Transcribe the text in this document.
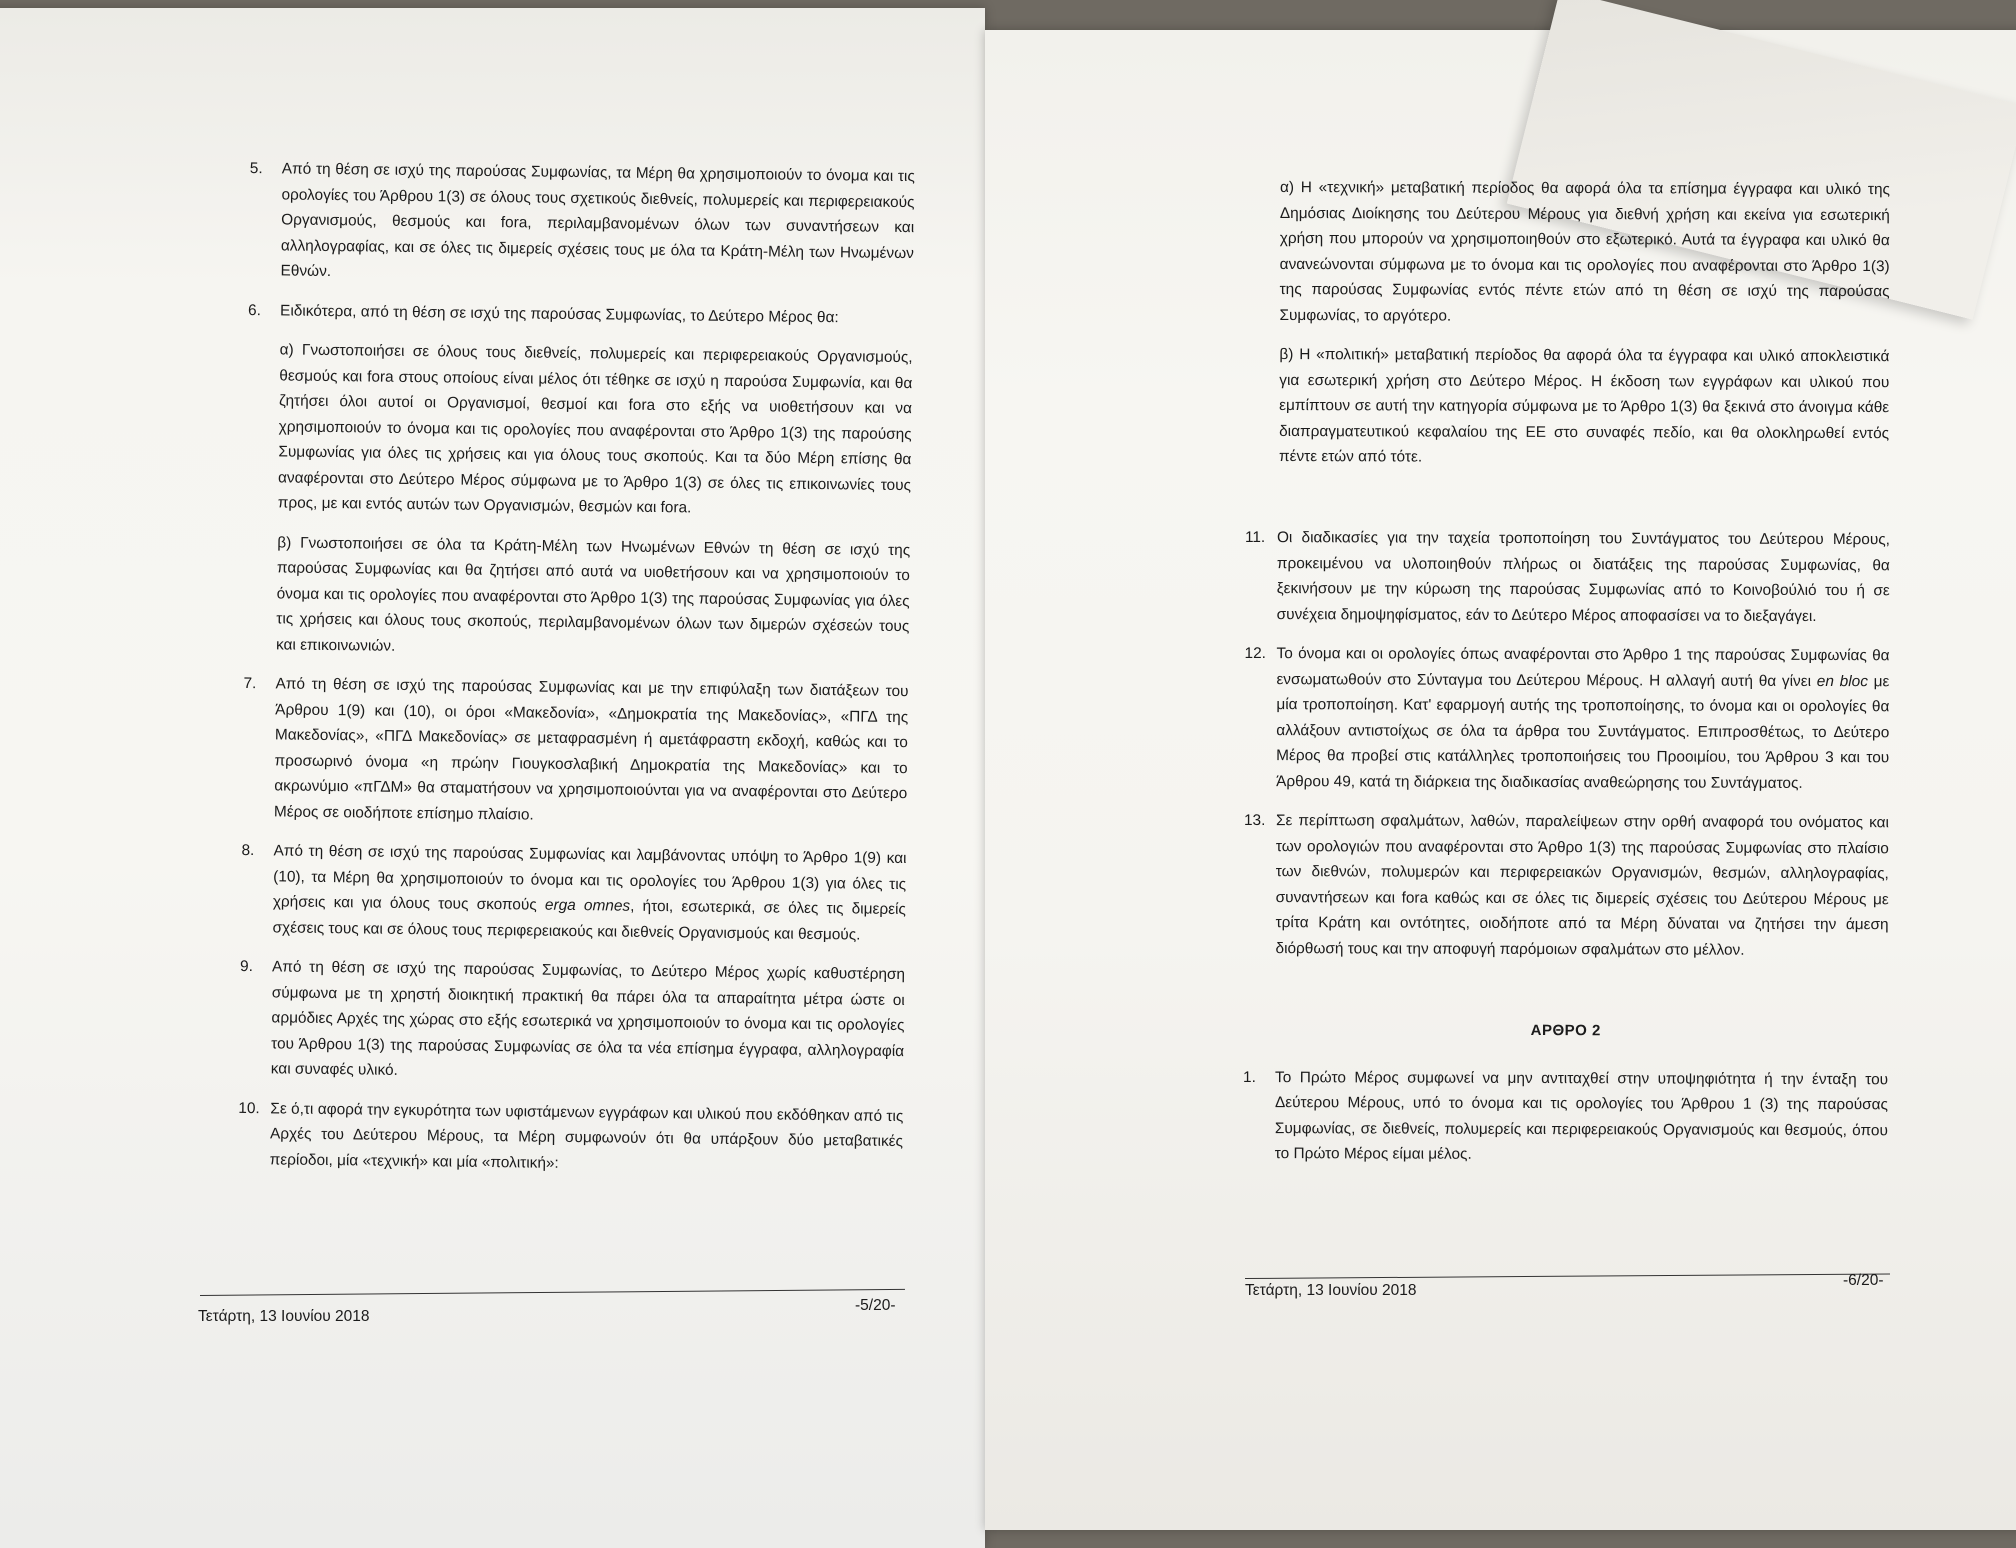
5. Από τη θέση σε ισχύ της παρούσας Συμφωνίας, τα Μέρη θα χρησιμοποιούν το όνομα και τις ορολογίες του Άρθρου 1(3) σε όλους τους σχετικούς διεθνείς, πολυμερείς και περιφερειακούς Οργανισμούς, θεσμούς και fora, περιλαμβανομένων όλων των συναντήσεων και αλληλογραφίας, και σε όλες τις διμερείς σχέσεις τους με όλα τα Κράτη-Μέλη των Ηνωμένων Εθνών.
6. Ειδικότερα, από τη θέση σε ισχύ της παρούσας Συμφωνίας, το Δεύτερο Μέρος θα:
α) Γνωστοποιήσει σε όλους τους διεθνείς, πολυμερείς και περιφερειακούς Οργανισμούς, θεσμούς και fora στους οποίους είναι μέλος ότι τέθηκε σε ισχύ η παρούσα Συμφωνία, και θα ζητήσει όλοι αυτοί οι Οργανισμοί, θεσμοί και fora στο εξής να υιοθετήσουν και να χρησιμοποιούν το όνομα και τις ορολογίες που αναφέρονται στο Άρθρο 1(3) της παρούσης Συμφωνίας για όλες τις χρήσεις και για όλους τους σκοπούς. Και τα δύο Μέρη επίσης θα αναφέρονται στο Δεύτερο Μέρος σύμφωνα με το Άρθρο 1(3) σε όλες τις επικοινωνίες τους προς, με και εντός αυτών των Οργανισμών, θεσμών και fora.
β) Γνωστοποιήσει σε όλα τα Κράτη-Μέλη των Ηνωμένων Εθνών τη θέση σε ισχύ της παρούσας Συμφωνίας και θα ζητήσει από αυτά να υιοθετήσουν και να χρησιμοποιούν το όνομα και τις ορολογίες που αναφέρονται στο Άρθρο 1(3) της παρούσας Συμφωνίας για όλες τις χρήσεις και όλους τους σκοπούς, περιλαμβανομένων όλων των διμερών σχέσεών τους και επικοινωνιών.
7. Από τη θέση σε ισχύ της παρούσας Συμφωνίας και με την επιφύλαξη των διατάξεων του Άρθρου 1(9) και (10), οι όροι «Μακεδονία», «Δημοκρατία της Μακεδονίας», «ΠΓΔ της Μακεδονίας», «ΠΓΔ Μακεδονίας» σε μεταφρασμένη ή αμετάφραστη εκδοχή, καθώς και το προσωρινό όνομα «η πρώην Γιουγκοσλαβική Δημοκρατία της Μακεδονίας» και το ακρωνύμιο «πΓΔΜ» θα σταματήσουν να χρησιμοποιούνται για να αναφέρονται στο Δεύτερο Μέρος σε οιοδήποτε επίσημο πλαίσιο.
8. Από τη θέση σε ισχύ της παρούσας Συμφωνίας και λαμβάνοντας υπόψη το Άρθρο 1(9) και (10), τα Μέρη θα χρησιμοποιούν το όνομα και τις ορολογίες του Άρθρου 1(3) για όλες τις χρήσεις και για όλους τους σκοπούς erga omnes, ήτοι, εσωτερικά, σε όλες τις διμερείς σχέσεις τους και σε όλους τους περιφερειακούς και διεθνείς Οργανισμούς και θεσμούς.
9. Από τη θέση σε ισχύ της παρούσας Συμφωνίας, το Δεύτερο Μέρος χωρίς καθυστέρηση σύμφωνα με τη χρηστή διοικητική πρακτική θα πάρει όλα τα απαραίτητα μέτρα ώστε οι αρμόδιες Αρχές της χώρας στο εξής εσωτερικά να χρησιμοποιούν το όνομα και τις ορολογίες του Άρθρου 1(3) της παρούσας Συμφωνίας σε όλα τα νέα επίσημα έγγραφα, αλληλογραφία και συναφές υλικό.
10. Σε ό,τι αφορά την εγκυρότητα των υφιστάμενων εγγράφων και υλικού που εκδόθηκαν από τις Αρχές του Δεύτερου Μέρους, τα Μέρη συμφωνούν ότι θα υπάρξουν δύο μεταβατικές περίοδοι, μία «τεχνική» και μία «πολιτική»:
Τετάρτη, 13 Ιουνίου 2018
-5/20-
α) Η «τεχνική» μεταβατική περίοδος θα αφορά όλα τα επίσημα έγγραφα και υλικό της Δημόσιας Διοίκησης του Δεύτερου Μέρους για διεθνή χρήση και εκείνα για εσωτερική χρήση που μπορούν να χρησιμοποιηθούν στο εξωτερικό. Αυτά τα έγγραφα και υλικό θα ανανεώνονται σύμφωνα με το όνομα και τις ορολογίες που αναφέρονται στο Άρθρο 1(3) της παρούσας Συμφωνίας εντός πέντε ετών από τη θέση σε ισχύ της παρούσας Συμφωνίας, το αργότερο.
β) Η «πολιτική» μεταβατική περίοδος θα αφορά όλα τα έγγραφα και υλικό αποκλειστικά για εσωτερική χρήση στο Δεύτερο Μέρος. Η έκδοση των εγγράφων και υλικού που εμπίπτουν σε αυτή την κατηγορία σύμφωνα με το Άρθρο 1(3) θα ξεκινά στο άνοιγμα κάθε διαπραγματευτικού κεφαλαίου της ΕΕ στο συναφές πεδίο, και θα ολοκληρωθεί εντός πέντε ετών από τότε.
11. Οι διαδικασίες για την ταχεία τροποποίηση του Συντάγματος του Δεύτερου Μέρους, προκειμένου να υλοποιηθούν πλήρως οι διατάξεις της παρούσας Συμφωνίας, θα ξεκινήσουν με την κύρωση της παρούσας Συμφωνίας από το Κοινοβούλιό του ή σε συνέχεια δημοψηφίσματος, εάν το Δεύτερο Μέρος αποφασίσει να το διεξαγάγει.
12. Το όνομα και οι ορολογίες όπως αναφέρονται στο Άρθρο 1 της παρούσας Συμφωνίας θα ενσωματωθούν στο Σύνταγμα του Δεύτερου Μέρους. Η αλλαγή αυτή θα γίνει en bloc με μία τροποποίηση. Κατ' εφαρμογή αυτής της τροποποίησης, το όνομα και οι ορολογίες θα αλλάξουν αντιστοίχως σε όλα τα άρθρα του Συντάγματος. Επιπροσθέτως, το Δεύτερο Μέρος θα προβεί στις κατάλληλες τροποποιήσεις του Προοιμίου, του Άρθρου 3 και του Άρθρου 49, κατά τη διάρκεια της διαδικασίας αναθεώρησης του Συντάγματος.
13. Σε περίπτωση σφαλμάτων, λαθών, παραλείψεων στην ορθή αναφορά του ονόματος και των ορολογιών που αναφέρονται στο Άρθρο 1(3) της παρούσας Συμφωνίας στο πλαίσιο των διεθνών, πολυμερών και περιφερειακών Οργανισμών, θεσμών, αλληλογραφίας, συναντήσεων και fora καθώς και σε όλες τις διμερείς σχέσεις του Δεύτερου Μέρους με τρίτα Κράτη και οντότητες, οιοδήποτε από τα Μέρη δύναται να ζητήσει την άμεση διόρθωσή τους και την αποφυγή παρόμοιων σφαλμάτων στο μέλλον.
ΑΡΘΡΟ 2
1. Το Πρώτο Μέρος συμφωνεί να μην αντιταχθεί στην υποψηφιότητα ή την ένταξη του Δεύτερου Μέρους, υπό το όνομα και τις ορολογίες του Άρθρου 1 (3) της παρούσας Συμφωνίας, σε διεθνείς, πολυμερείς και περιφερειακούς Οργανισμούς και θεσμούς, όπου το Πρώτο Μέρος είμαι μέλος.
Τετάρτη, 13 Ιουνίου 2018
-6/20-
